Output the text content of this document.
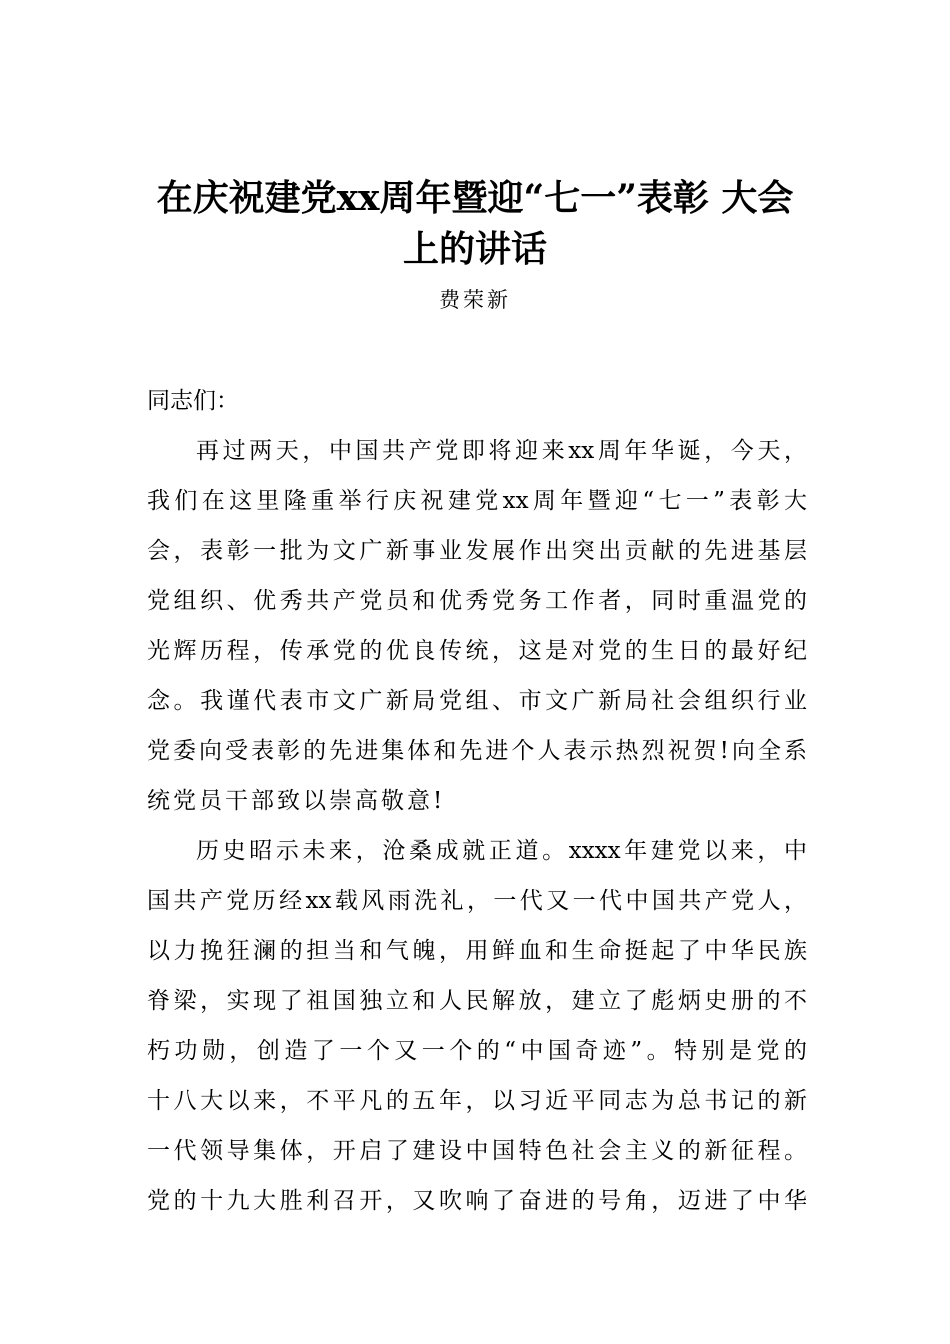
在庆祝建党xx周年暨迎“七一”表彰 大会
上的讲话
费荣新
同志们：
再过两天，中国共产党即将迎来xx周年华诞，今天，
我们在这里隆重举行庆祝建党xx周年暨迎“七一”表彰大
会，表彰一批为文广新事业发展作出突出贡献的先进基层
党组织、优秀共产党员和优秀党务工作者，同时重温党的
光辉历程，传承党的优良传统，这是对党的生日的最好纪
念。我谨代表市文广新局党组、市文广新局社会组织行业
党委向受表彰的先进集体和先进个人表示热烈祝贺!向全系
统党员干部致以崇高敬意!
历史昭示未来，沧桑成就正道。xxxx年建党以来，中
国共产党历经xx载风雨洗礼，一代又一代中国共产党人，
以力挽狂澜的担当和气魄，用鲜血和生命挺起了中华民族
脊梁，实现了祖国独立和人民解放，建立了彪炳史册的不
朽功勋，创造了一个又一个的“中国奇迹”。特别是党的
十八大以来，不平凡的五年，以习近平同志为总书记的新
一代领导集体，开启了建设中国特色社会主义的新征程。
党的十九大胜利召开，又吹响了奋进的号角，迈进了中华
